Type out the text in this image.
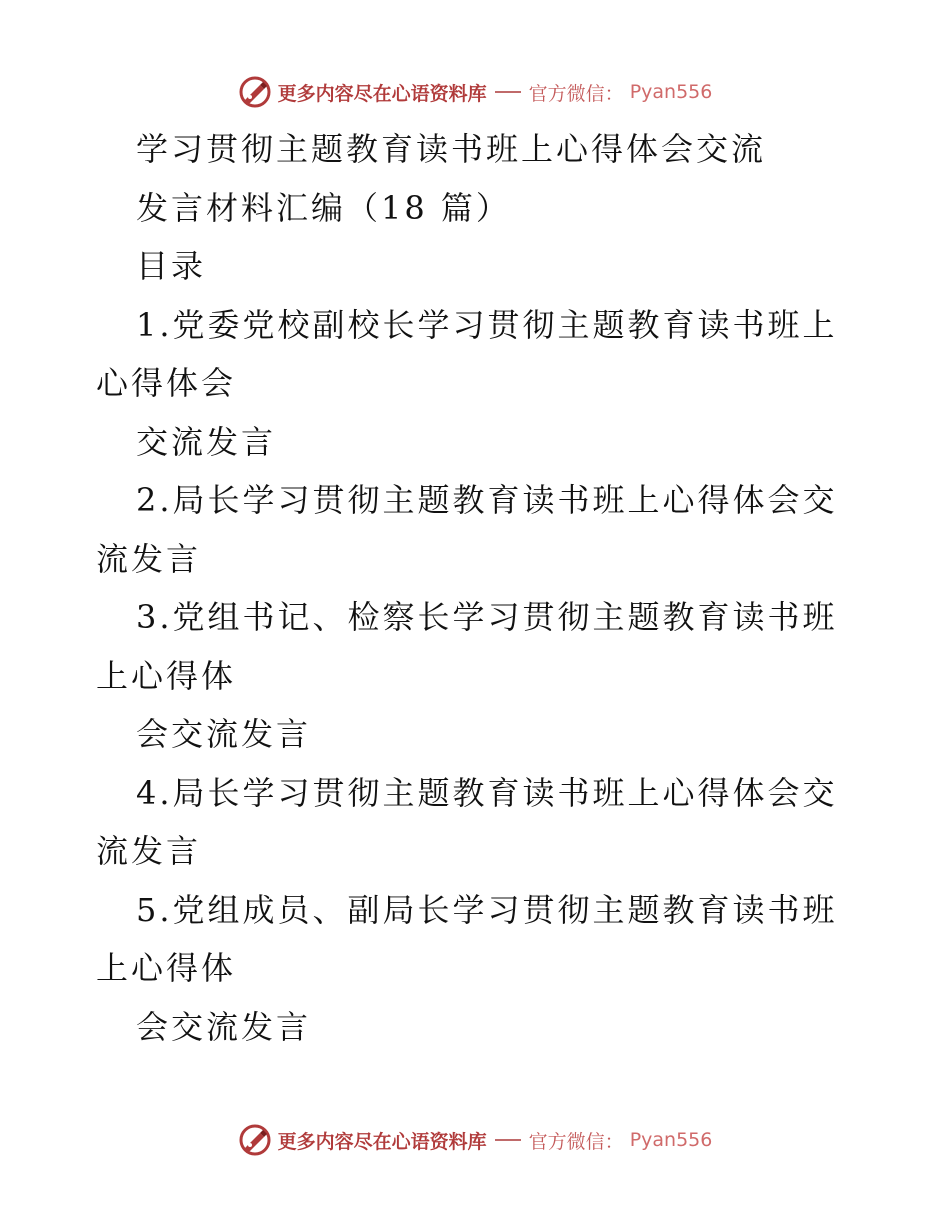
更多内容尽在心语资料库 官方微信： Pyan556

学习贯彻主题教育读书班上心得体会交流

发言材料汇编（18 篇）

目录

1.党委党校副校长学习贯彻主题教育读书班上心得体会

交流发言

2.局长学习贯彻主题教育读书班上心得体会交流发言

3.党组书记、检察长学习贯彻主题教育读书班上心得体

会交流发言

4.局长学习贯彻主题教育读书班上心得体会交流发言

5.党组成员、副局长学习贯彻主题教育读书班上心得体

会交流发言

更多内容尽在心语资料库 官方微信： Pyan556
